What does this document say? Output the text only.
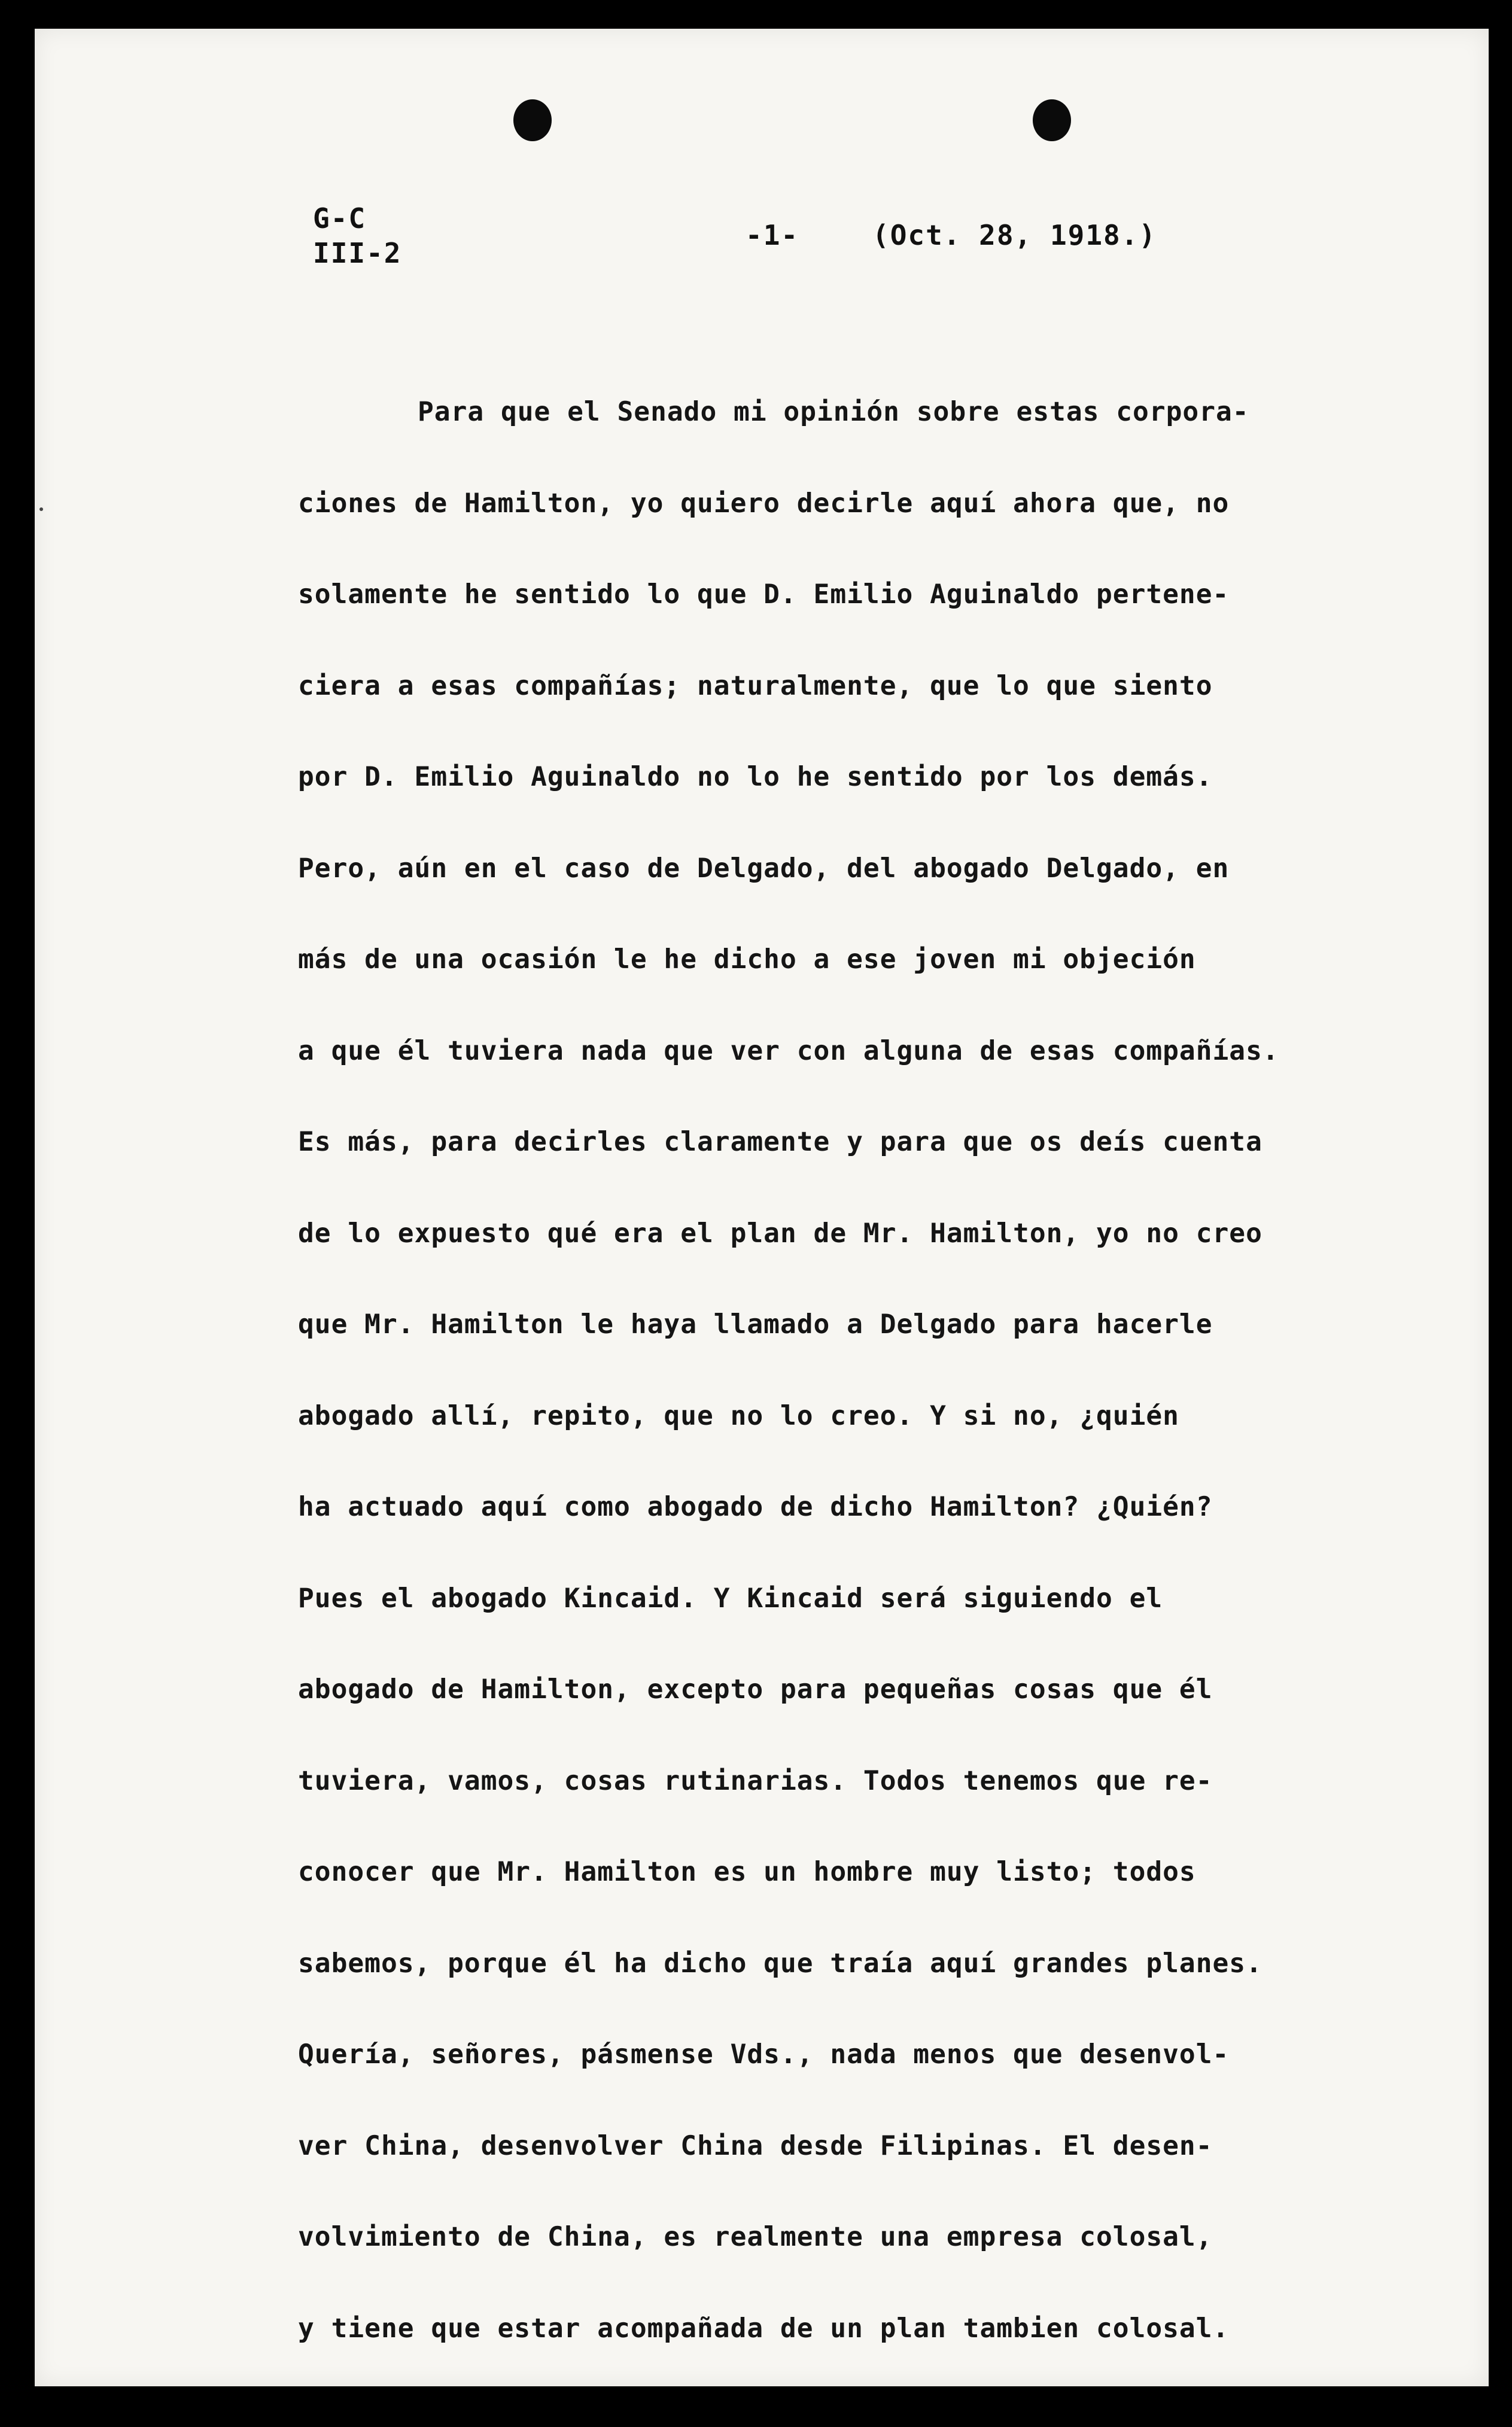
G-C
III-2
-1-	(Oct. 28, 1918.)
Para que el Senado mi opinión sobre estas corpora-
ciones de Hamilton, yo quiero decirle aquí ahora que, no
solamente he sentido lo que D. Emilio Aguinaldo pertene-
ciera a esas compañías; naturalmente, que lo que siento
por D. Emilio Aguinaldo no lo he sentido por los demás.
Pero, aún en el caso de Delgado, del abogado Delgado, en
más de una ocasión le he dicho a ese joven mi objeción
a que él tuviera nada que ver con alguna de esas compañías.
Es más, para decirles claramente y para que os deís cuenta
de lo expuesto qué era el plan de Mr. Hamilton, yo no creo
que Mr. Hamilton le haya llamado a Delgado para hacerle
abogado allí, repito, que no lo creo. Y si no, ¿quién
ha actuado aquí como abogado de dicho Hamilton? ¿Quién?
Pues el abogado Kincaid. Y Kincaid será siguiendo el
abogado de Hamilton, excepto para pequeñas cosas que él
tuviera, vamos, cosas rutinarias. Todos tenemos que re-
conocer que Mr. Hamilton es un hombre muy listo; todos
sabemos, porque él ha dicho que traía aquí grandes planes.
Quería, señores, pásmense Vds., nada menos que desenvol-
ver China, desenvolver China desde Filipinas. El desen-
volvimiento de China, es realmente una empresa colosal,
y tiene que estar acompañada de un plan tambien colosal.
